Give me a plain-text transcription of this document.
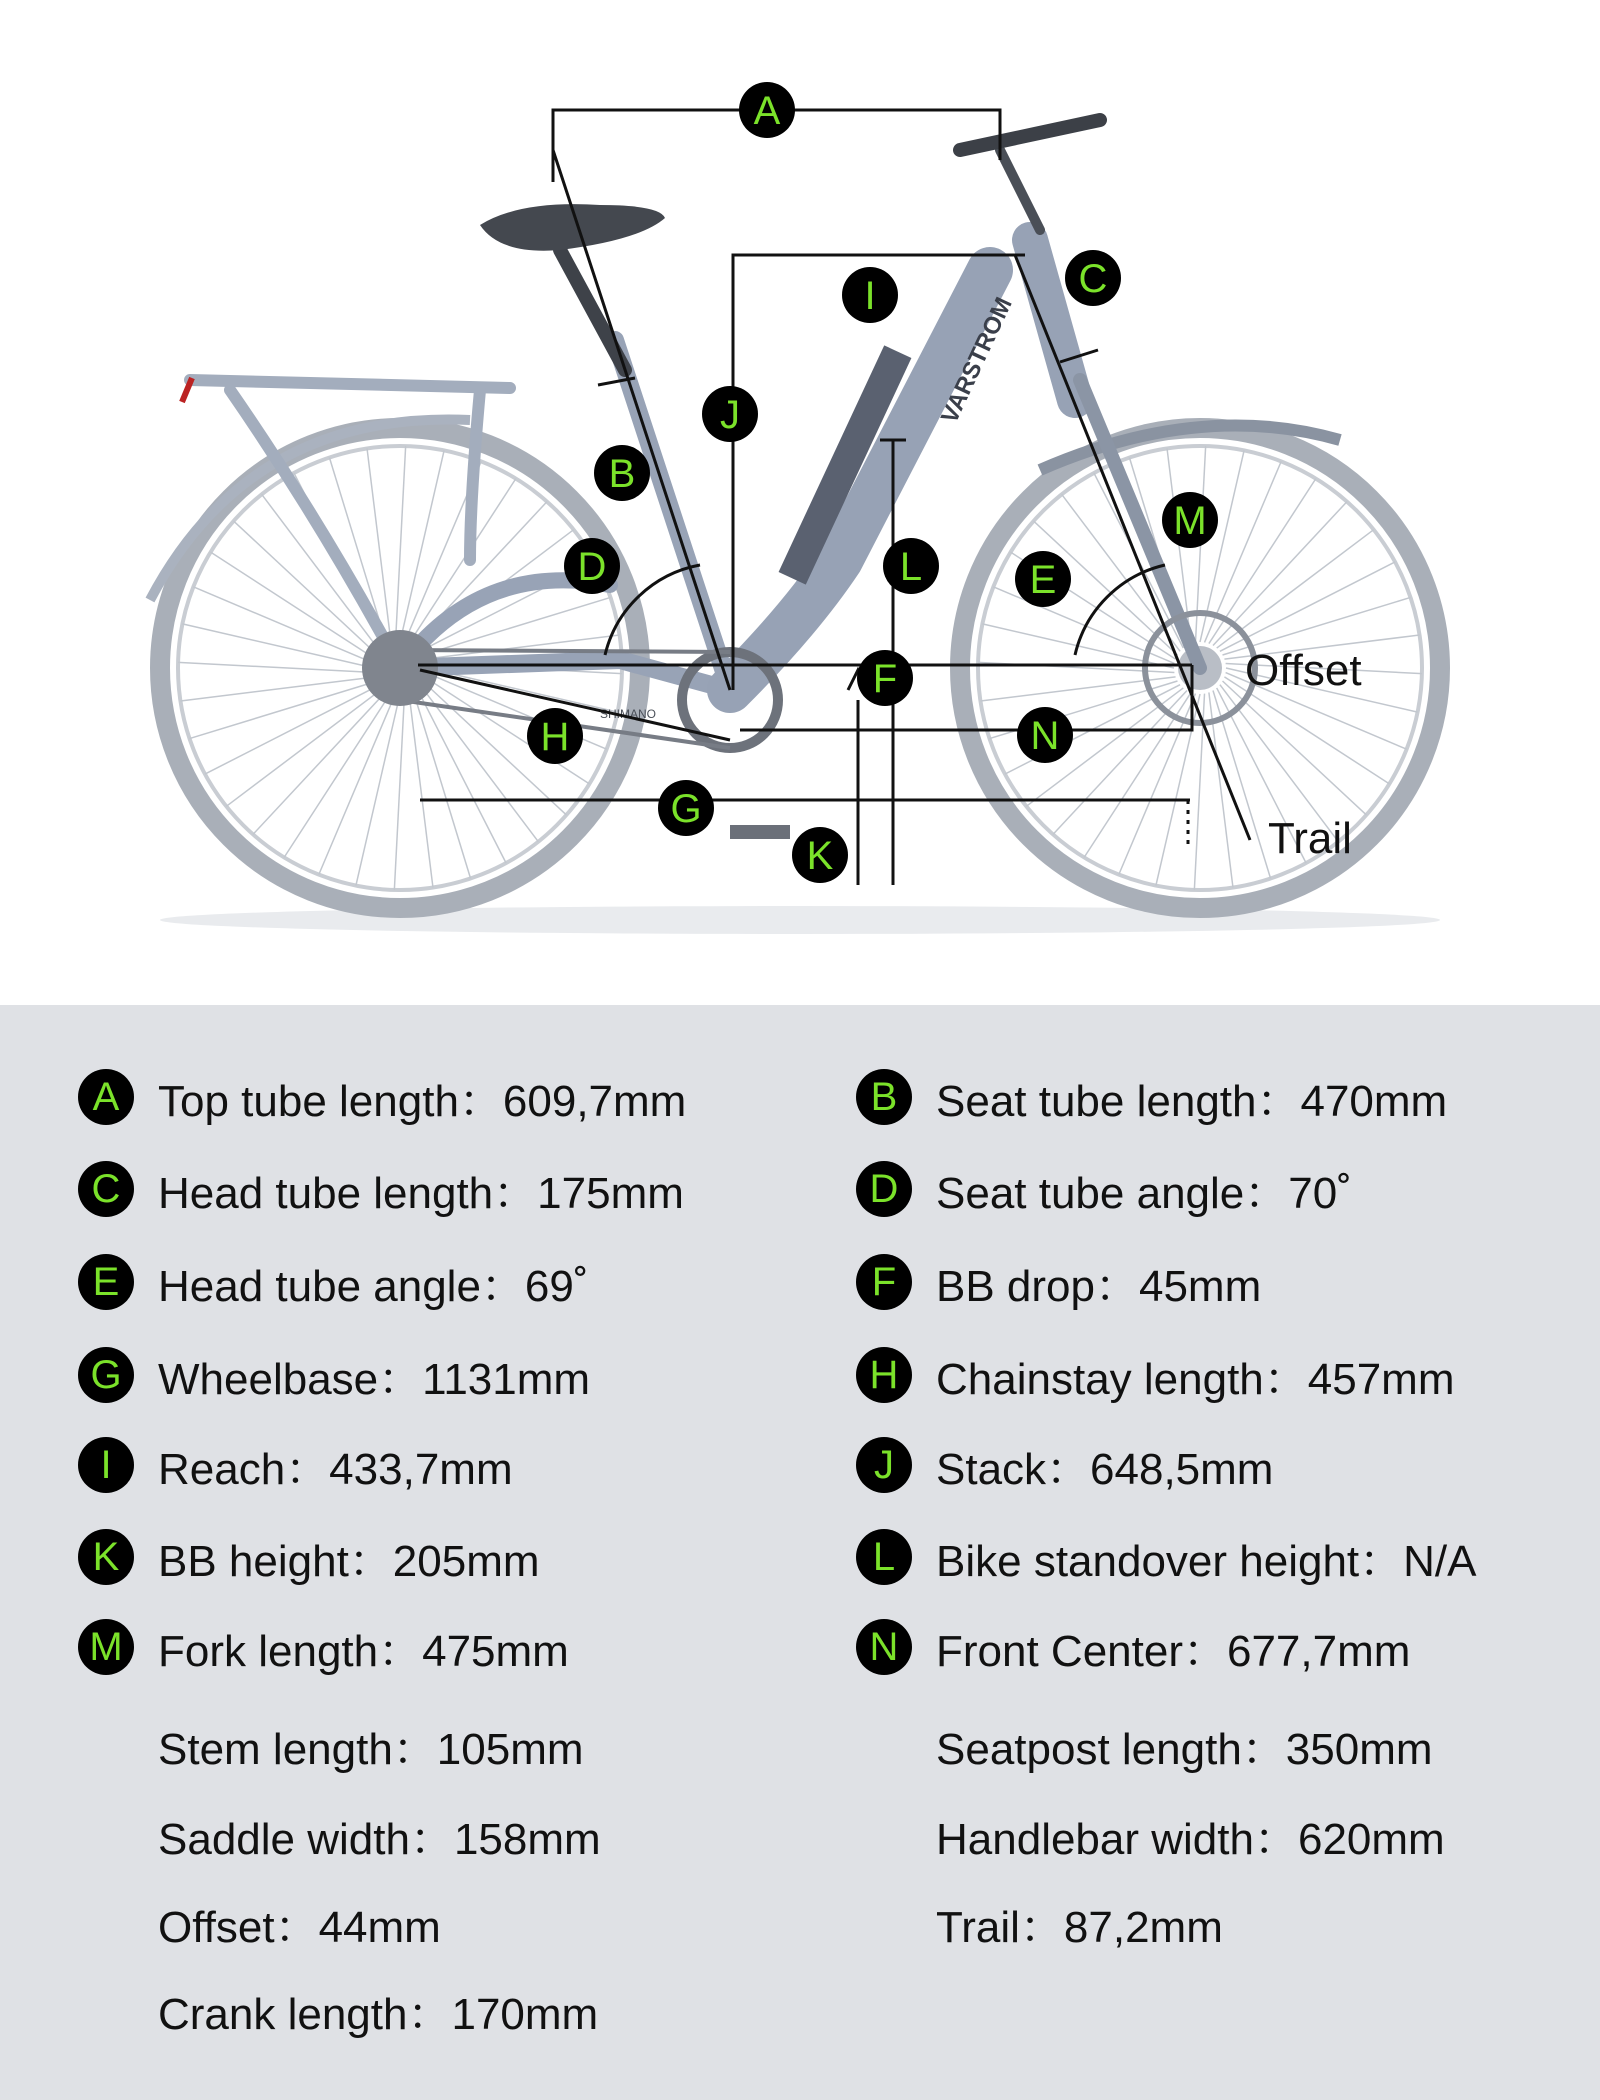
VARSTROM
SHIMANO
A
B
C
D	E
F
G
H
I
J
K
L
M
N
Offset
Trail
A Top tube length：609,7mm
C Head tube length：175mm
E Head tube angle：69˚
G Wheelbase：1131mm
I	Reach：433,7mm
K BB height：205mm
M Fork length：475mm
Stem length：105mm
Saddle width：158mm
Offset：44mm
Crank length：170mm
B Seat tube length：470mm
D Seat tube angle：70˚
F BB drop：45mm
H Chainstay length：457mm
J Stack：648,5mm
L Bike standover height：N/A
N Front Center：677,7mm
Seatpost length：350mm
Handlebar width：620mm
Trail：87,2mm
